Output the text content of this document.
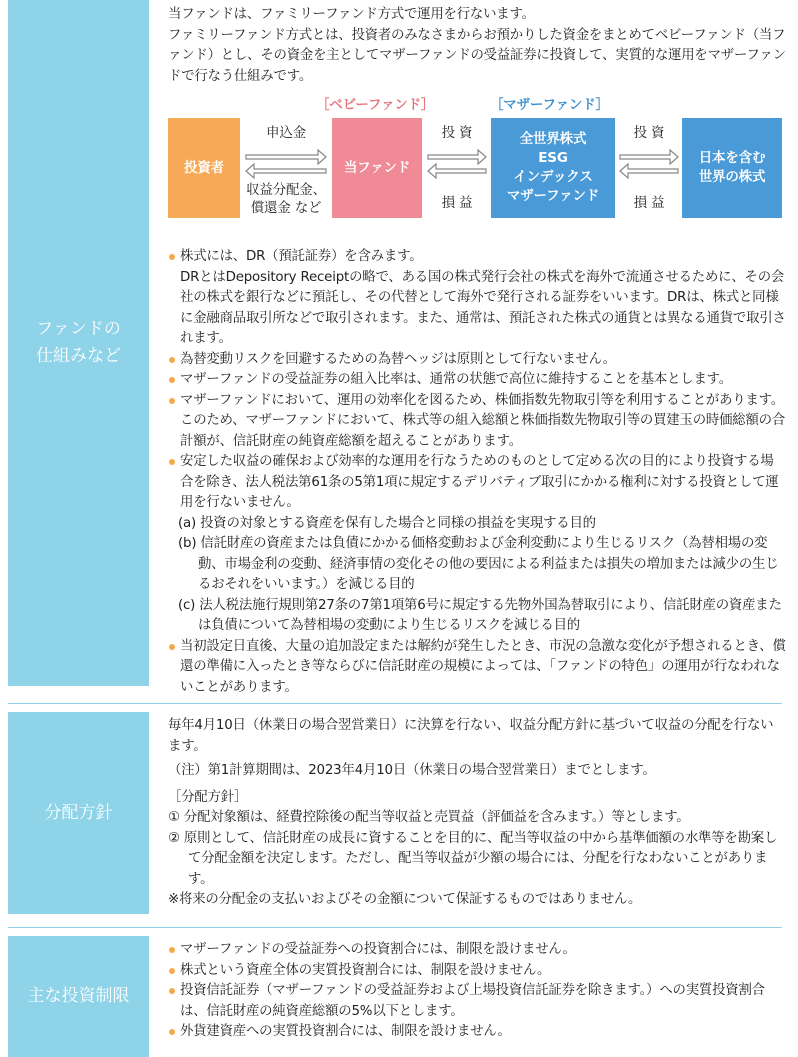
ファンドの
仕組みなど

当ファンドは、ファミリーファンド方式で運用を行ないます。

ファミリーファンド方式とは、投資者のみなさまからお預かりした資金をまとめてベビーファンド（当ファンド）とし、その資金を主としてマザーファンドの受益証券に投資して、実質的な運用をマザーファンドで行なう仕組みです。

［ベビーファンド］	［マザーファンド］
投資者	当ファンド
全世界株式
ESG
インデックス
マザーファンド
日本を含む
世界の株式
申込金
収益分配金、
償還金 など
投 資
損 益
投 資
損 益

株式には、DR（預託証券）を含みます。
DRとはDepository Receiptの略で、ある国の株式発行会社の株式を海外で流通させるために、その会社の株式を銀行などに預託し、その代替として海外で発行される証券をいいます。DRは、株式と同様に金融商品取引所などで取引されます。また、通常は、預託された株式の通貨とは異なる通貨で取引されます。

為替変動リスクを回避するための為替ヘッジは原則として行ないません。

マザーファンドの受益証券の組入比率は、通常の状態で高位に維持することを基本とします。

マザーファンドにおいて、運用の効率化を図るため、株価指数先物取引等を利用することがあります。このため、マザーファンドにおいて、株式等の組入総額と株価指数先物取引等の買建玉の時価総額の合計額が、信託財産の純資産総額を超えることがあります。

安定した収益の確保および効率的な運用を行なうためのものとして定める次の目的により投資する場合を除き、法人税法第61条の5第1項に規定するデリバティブ取引にかかる権利に対する投資として運用を行ないません。

(a) 投資の対象とする資産を保有した場合と同様の損益を実現する目的

(b) 信託財産の資産または負債にかかる価格変動および金利変動により生じるリスク（為替相場の変動、市場金利の変動、経済事情の変化その他の要因による利益または損失の増加または減少の生じるおそれをいいます。）を減じる目的

(c) 法人税法施行規則第27条の7第1項第6号に規定する先物外国為替取引により、信託財産の資産または負債について為替相場の変動により生じるリスクを減じる目的

当初設定日直後、大量の追加設定または解約が発生したとき、市況の急激な変化が予想されるとき、償還の準備に入ったとき等ならびに信託財産の規模によっては、「ファンドの特色」の運用が行なわれないことがあります。

分配方針

毎年4月10日（休業日の場合翌営業日）に決算を行ない、収益分配方針に基づいて収益の分配を行ないます。

（注）第1計算期間は、2023年4月10日（休業日の場合翌営業日）までとします。

［分配方針］

① 分配対象額は、経費控除後の配当等収益と売買益（評価益を含みます。）等とします。

② 原則として、信託財産の成長に資することを目的に、配当等収益の中から基準価額の水準等を勘案して分配金額を決定します。ただし、配当等収益が少額の場合には、分配を行なわないことがあります。

※将来の分配金の支払いおよびその金額について保証するものではありません。

主な投資制限

マザーファンドの受益証券への投資割合には、制限を設けません。

株式という資産全体の実質投資割合には、制限を設けません。

投資信託証券（マザーファンドの受益証券および上場投資信託証券を除きます。）への実質投資割合は、信託財産の純資産総額の5%以下とします。

外貨建資産への実質投資割合には、制限を設けません。
